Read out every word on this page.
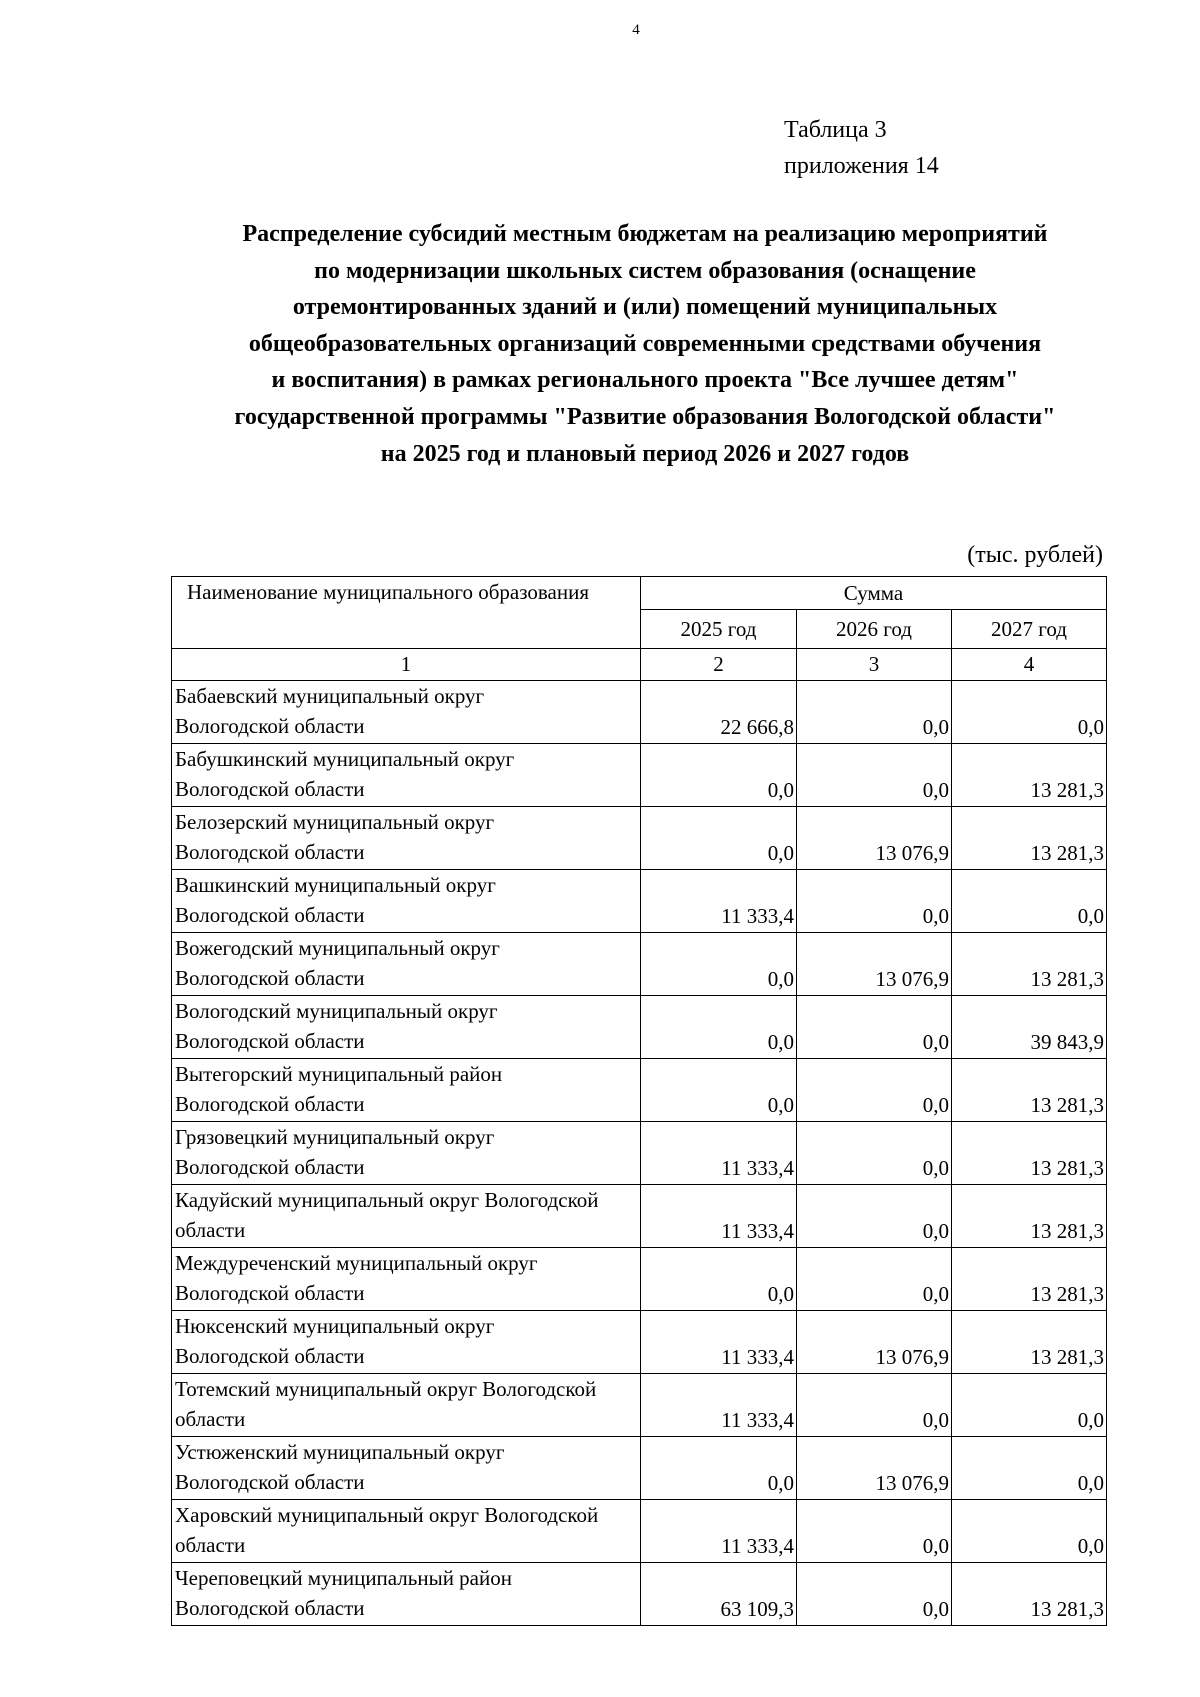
4
Таблица 3
приложения 14
Распределение субсидий местным бюджетам на реализацию мероприятий
по модернизации школьных систем образования (оснащение
отремонтированных зданий и (или) помещений муниципальных
общеобразовательных организаций современными средствами обучения
и воспитания) в рамках регионального проекта "Все лучшее детям"
государственной программы "Развитие образования Вологодской области"
на 2025 год и плановый период 2026 и 2027 годов
(тыс. рублей)
Наименование муниципального образования	Сумма		
	2025 год	2026 год	2027 год
1	2	3	4

Бабаевский муниципальный округ
Вологодской области	22 666,8	0,0	0,0

Бабушкинский муниципальный округ
Вологодской области	0,0	0,0	13 281,3

Белозерский муниципальный округ
Вологодской области	0,0	13 076,9	13 281,3

Вашкинский муниципальный округ
Вологодской области	11 333,4	0,0	0,0

Вожегодский муниципальный округ
Вологодской области	0,0	13 076,9	13 281,3

Вологодский муниципальный округ
Вологодской области	0,0	0,0	39 843,9

Вытегорский муниципальный район
Вологодской области	0,0	0,0	13 281,3

Грязовецкий муниципальный округ
Вологодской области	11 333,4	0,0	13 281,3

Кадуйский муниципальный округ Вологодской
области	11 333,4	0,0	13 281,3

Междуреченский муниципальный округ
Вологодской области	0,0	0,0	13 281,3

Нюксенский муниципальный округ
Вологодской области	11 333,4	13 076,9	13 281,3

Тотемский муниципальный округ Вологодской
области	11 333,4	0,0	0,0

Устюженский муниципальный округ
Вологодской области	0,0	13 076,9	0,0

Харовский муниципальный округ Вологодской
области	11 333,4	0,0	0,0

Череповецкий муниципальный район
Вологодской области	63 109,3	0,0	13 281,3
